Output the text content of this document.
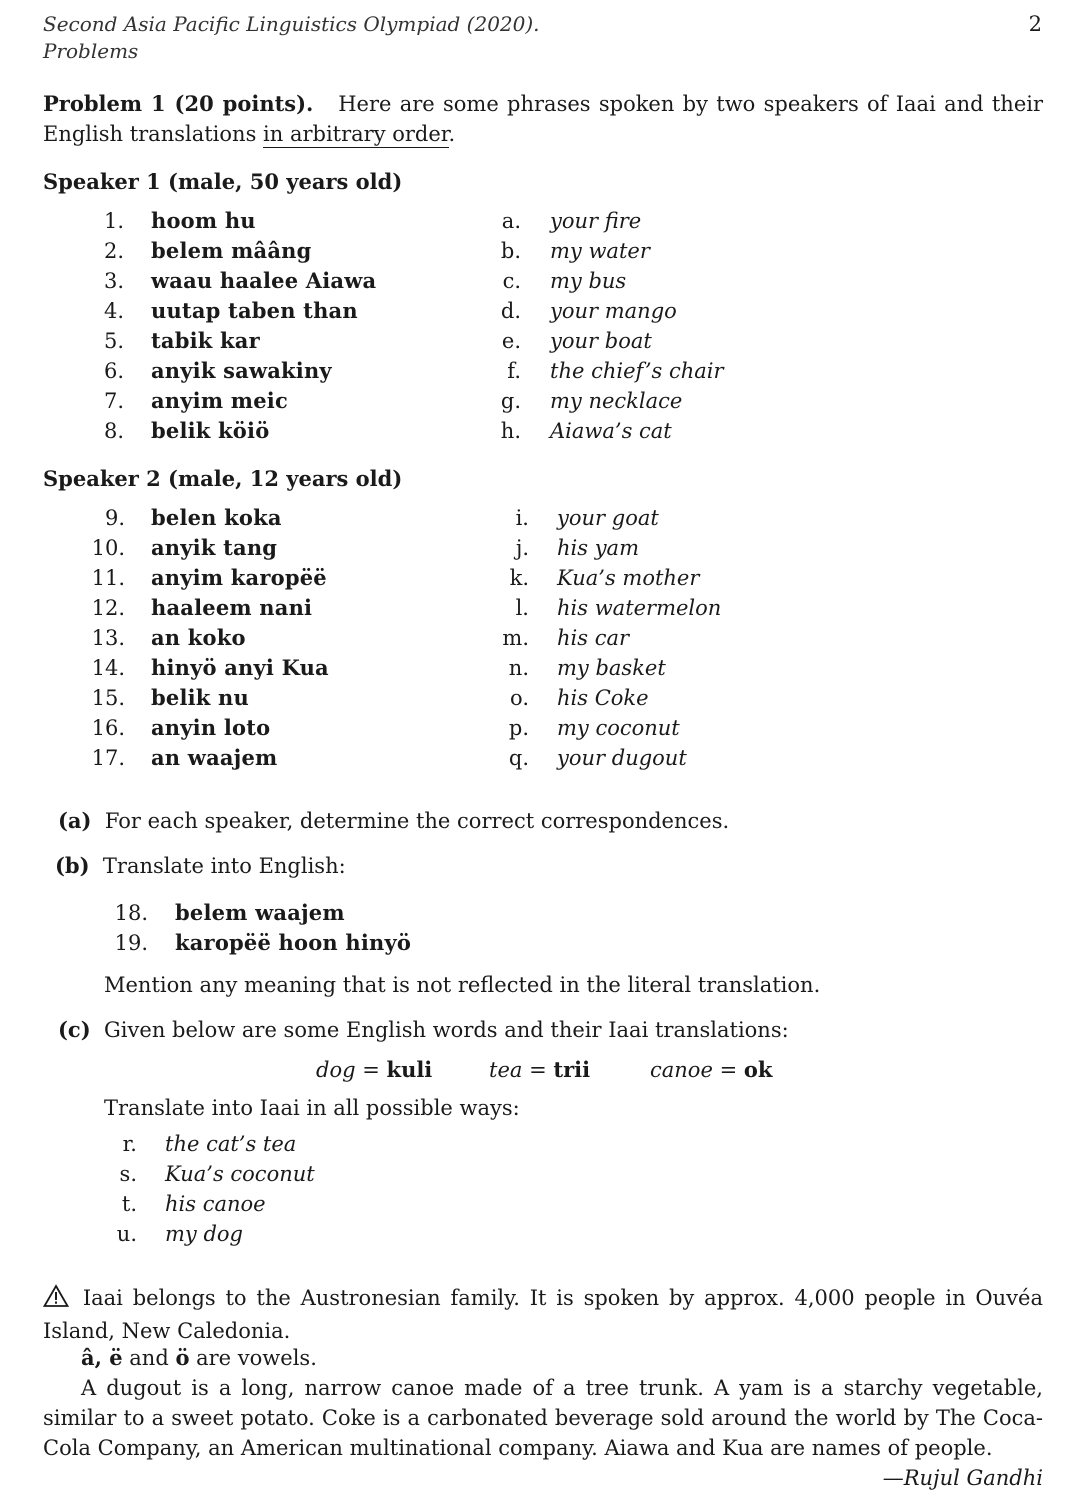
Second Asia Pacific Linguistics Olympiad (2020).
Problems
2
Problem 1 (20 points). Here are some phrases spoken by two speakers of Iaai and their English translations in arbitrary order.
Speaker 1 (male, 50 years old)
1. hoom hu	a. your fire
2. belem mââng	b. my water
3. waau haalee Aiawa	c. my bus
4. uutap taben than	d. your mango
5. tabik kar	e. your boat
6. anyik sawakiny	f. the chief’s chair
7. anyim meic	g. my necklace
8. belik köiö	h. Aiawa’s cat
Speaker 2 (male, 12 years old)
9. belen koka	i. your goat
10. anyik tang	j. his yam
11. anyim karopëë	k. Kua’s mother
12. haaleem nani	l. his watermelon
13. an koko	m. his car
14. hinyö anyi Kua	n. my basket
15. belik nu	o. his Coke
16. anyin loto	p. my coconut
17. an waajem	q. your dugout
(a) For each speaker, determine the correct correspondences.
(b) Translate into English:
18. belem waajem
19. karopëë hoon hinyö
Mention any meaning that is not reflected in the literal translation.
(c) Given below are some English words and their Iaai translations:
dog = kuli	tea = trii	canoe = ok
Translate into Iaai in all possible ways:
r. the cat’s tea
s. Kua’s coconut
t. his canoe
u. my dog
Iaai belongs to the Austronesian family. It is spoken by approx. 4,000 people in Ouvéa Island, New Caledonia.
â, ë and ö are vowels.
A dugout is a long, narrow canoe made of a tree trunk. A yam is a starchy vegetable, similar to a sweet potato. Coke is a carbonated beverage sold around the world by The Coca-Cola Company, an American multinational company. Aiawa and Kua are names of people.
—Rujul Gandhi
